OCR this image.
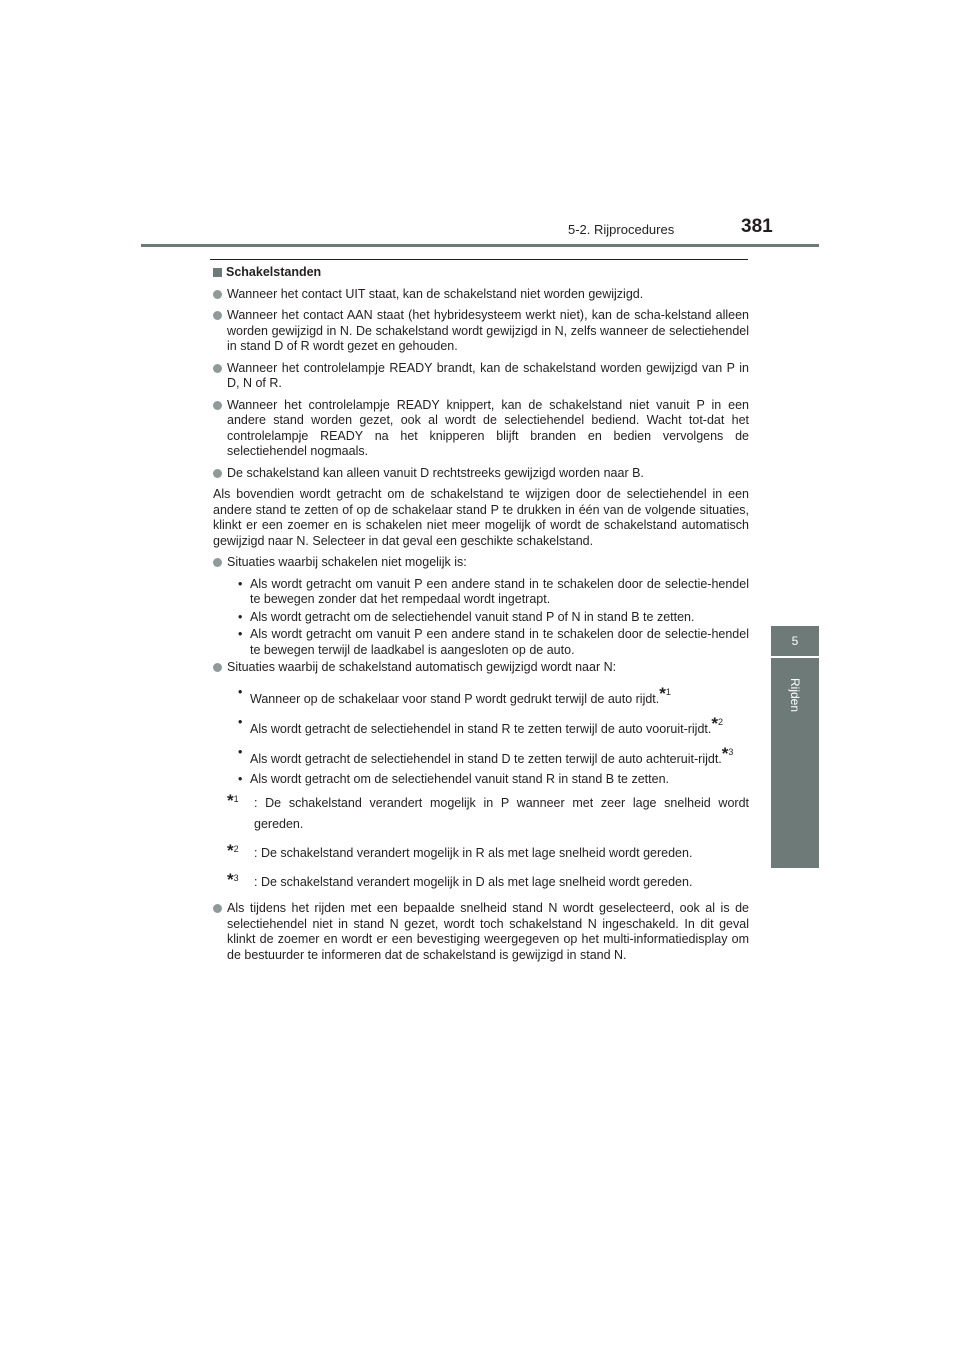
5-2. Rijprocedures	381
5
Rijden
Schakelstanden
Wanneer het contact UIT staat, kan de schakelstand niet worden gewijzigd.
Wanneer het contact AAN staat (het hybridesysteem werkt niet), kan de scha-kelstand alleen worden gewijzigd in N. De schakelstand wordt gewijzigd in N, zelfs wanneer de selectiehendel in stand D of R wordt gezet en gehouden.
Wanneer het controlelampje READY brandt, kan de schakelstand worden gewijzigd van P in D, N of R.
Wanneer het controlelampje READY knippert, kan de schakelstand niet vanuit P in een andere stand worden gezet, ook al wordt de selectiehendel bediend. Wacht tot-dat het controlelampje READY na het knipperen blijft branden en bedien vervolgens de selectiehendel nogmaals.
De schakelstand kan alleen vanuit D rechtstreeks gewijzigd worden naar B.
Als bovendien wordt getracht om de schakelstand te wijzigen door de selectiehendel in een andere stand te zetten of op de schakelaar stand P te drukken in één van de volgende situaties, klinkt er een zoemer en is schakelen niet meer mogelijk of wordt de schakelstand automatisch gewijzigd naar N. Selecteer in dat geval een geschikte schakelstand.
Situaties waarbij schakelen niet mogelijk is:
• Als wordt getracht om vanuit P een andere stand in te schakelen door de selectie-hendel te bewegen zonder dat het rempedaal wordt ingetrapt.
• Als wordt getracht om de selectiehendel vanuit stand P of N in stand B te zetten.
• Als wordt getracht om vanuit P een andere stand in te schakelen door de selectie-hendel te bewegen terwijl de laadkabel is aangesloten op de auto.
Situaties waarbij de schakelstand automatisch gewijzigd wordt naar N:
• Wanneer op de schakelaar voor stand P wordt gedrukt terwijl de auto rijdt.*$^1$
• Als wordt getracht de selectiehendel in stand R te zetten terwijl de auto vooruit-rijdt.*$^2$
• Als wordt getracht de selectiehendel in stand D te zetten terwijl de auto achteruit-rijdt.*$^3$
• Als wordt getracht om de selectiehendel vanuit stand R in stand B te zetten.
*$^1$ : De schakelstand verandert mogelijk in P wanneer met zeer lage snelheid wordt gereden.
*$^2$ : De schakelstand verandert mogelijk in R als met lage snelheid wordt gereden.
*$^3$ : De schakelstand verandert mogelijk in D als met lage snelheid wordt gereden.
Als tijdens het rijden met een bepaalde snelheid stand N wordt geselecteerd, ook al is de selectiehendel niet in stand N gezet, wordt toch schakelstand N ingeschakeld. In dit geval klinkt de zoemer en wordt er een bevestiging weergegeven op het multi-informatiedisplay om de bestuurder te informeren dat de schakelstand is gewijzigd in stand N.
